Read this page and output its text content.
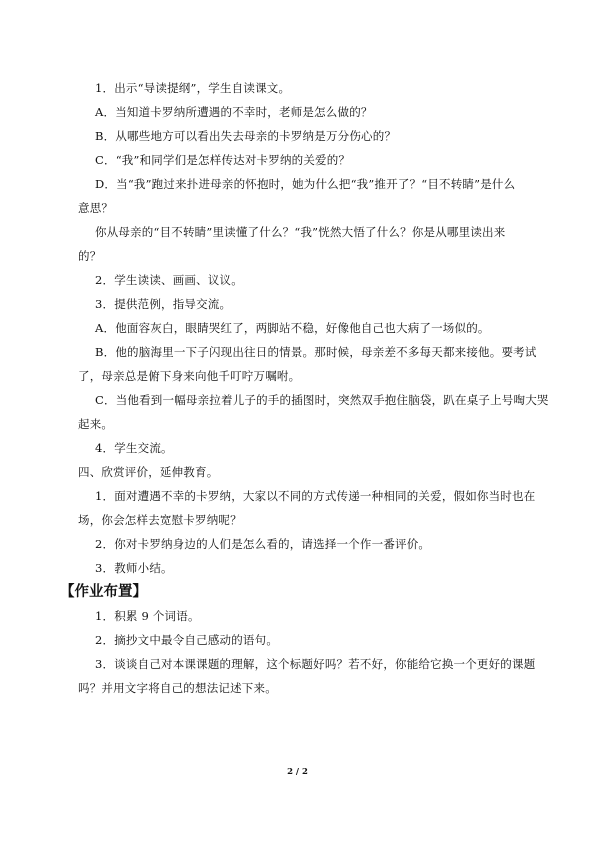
1．出示“导读提纲”，学生自读课文。
A．当知道卡罗纳所遭遇的不幸时，老师是怎么做的？
B．从哪些地方可以看出失去母亲的卡罗纳是万分伤心的？
C．“我”和同学们是怎样传达对卡罗纳的关爱的？
D．当“我”跑过来扑进母亲的怀抱时，她为什么把“我”推开了？“目不转睛”是什么
意思？
你从母亲的“目不转睛”里读懂了什么？“我”恍然大悟了什么？你是从哪里读出来
的？
2．学生读读、画画、议议。
3．提供范例，指导交流。
A．他面容灰白，眼睛哭红了，两脚站不稳，好像他自己也大病了一场似的。
B．他的脑海里一下子闪现出往日的情景。那时候，母亲差不多每天都来接他。要考试
了，母亲总是俯下身来向他千叮咛万嘱咐。
C．当他看到一幅母亲拉着儿子的手的插图时，突然双手抱住脑袋，趴在桌子上号啕大哭
起来。
4．学生交流。
四、欣赏评价，延伸教育。
1．面对遭遇不幸的卡罗纳，大家以不同的方式传递一种相同的关爱，假如你当时也在
场，你会怎样去宽慰卡罗纳呢？
2．你对卡罗纳身边的人们是怎么看的，请选择一个作一番评价。
3．教师小结。
【作业布置】
1．积累 9 个词语。
2．摘抄文中最令自己感动的语句。
3．谈谈自己对本课课题的理解，这个标题好吗？若不好，你能给它换一个更好的课题
吗？并用文字将自己的想法记述下来。
2 / 2
